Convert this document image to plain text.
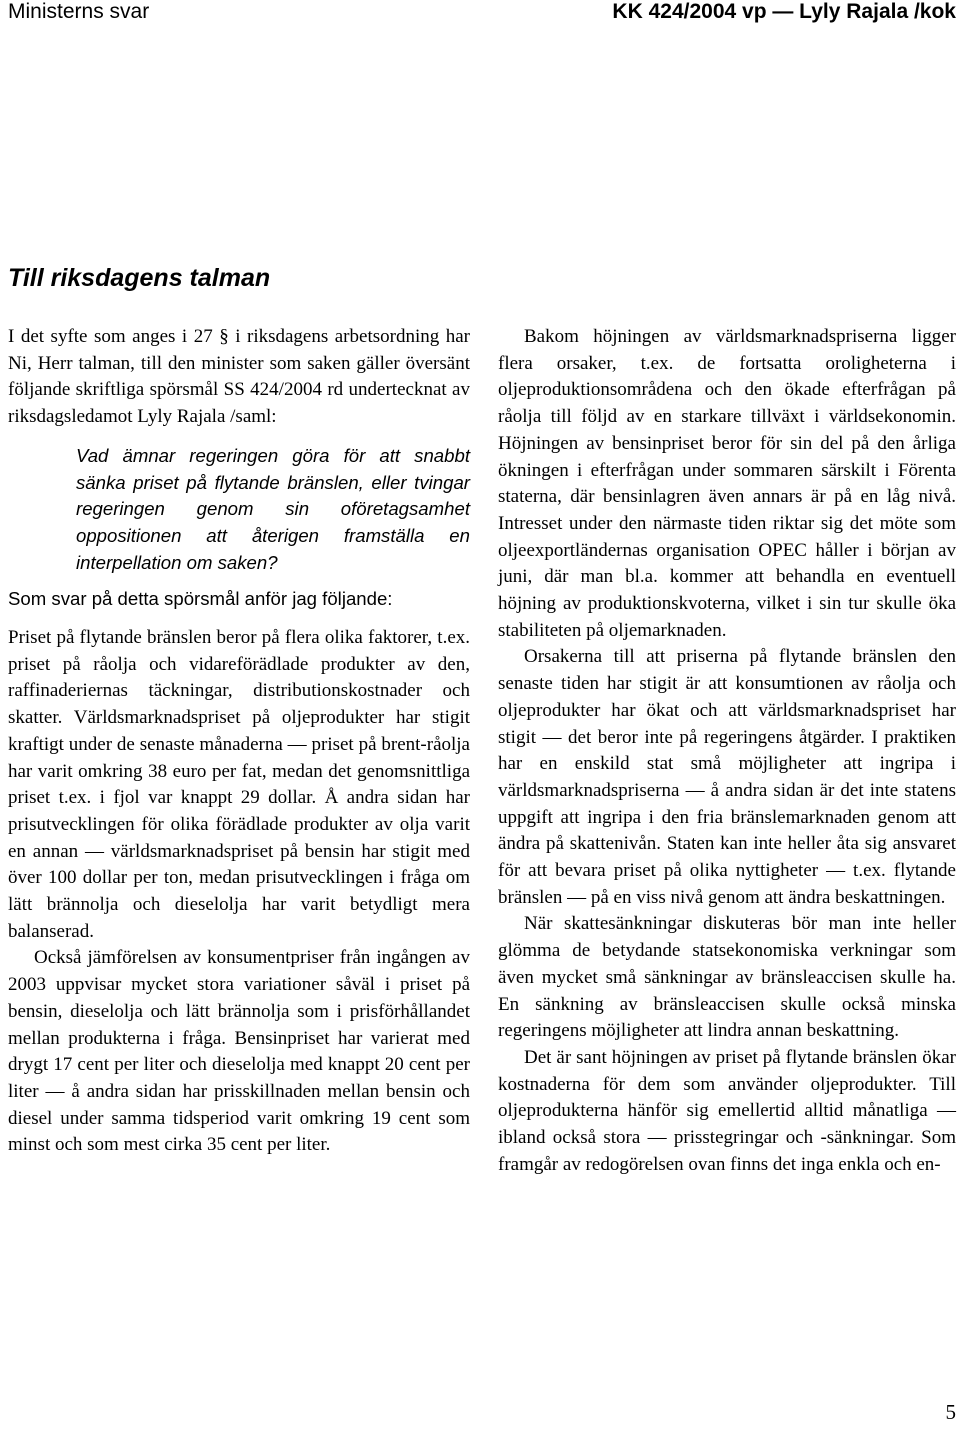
Ministerns svar	KK 424/2004 vp — Lyly Rajala /kok
Till riksdagens talman

I det syfte som anges i 27 § i riksdagens arbetsordning har Ni, Herr talman, till den minister som saken gäller översänt följande skriftliga spörsmål SS 424/2004 rd undertecknat av riksdagsledamot Lyly Rajala /saml:

Vad ämnar regeringen göra för att snabbt sänka priset på flytande bränslen, eller tvingar regeringen genom sin oföretagsamhet oppositionen att återigen framställa en interpellation om saken?

Som svar på detta spörsmål anför jag följande:

Priset på flytande bränslen beror på flera olika faktorer, t.ex. priset på råolja och vidareförädlade produkter av den, raffinaderiernas täckningar, distributionskostnader och skatter. Världsmarknadspriset på oljeprodukter har stigit kraftigt under de senaste månaderna — priset på brent-råolja har varit omkring 38 euro per fat, medan det genomsnittliga priset t.ex. i fjol var knappt 29 dollar. Å andra sidan har prisutvecklingen för olika förädlade produkter av olja varit en annan — världsmarknadspriset på bensin har stigit med över 100 dollar per ton, medan prisutvecklingen i fråga om lätt brännolja och dieselolja har varit betydligt mera balanserad.

Också jämförelsen av konsumentpriser från ingången av 2003 uppvisar mycket stora variationer såväl i priset på bensin, dieselolja och lätt brännolja som i prisförhållandet mellan produkterna i fråga. Bensinpriset har varierat med drygt 17 cent per liter och dieselolja med knappt 20 cent per liter — å andra sidan har prisskillnaden mellan bensin och diesel under samma tidsperiod varit omkring 19 cent som minst och som mest cirka 35 cent per liter.

Bakom höjningen av världsmarknadspriserna ligger flera orsaker, t.ex. de fortsatta oroligheterna i oljeproduktionsområdena och den ökade efterfrågan på råolja till följd av en starkare tillväxt i världsekonomin. Höjningen av bensinpriset beror för sin del på den årliga ökningen i efterfrågan under sommaren särskilt i Förenta staterna, där bensinlagren även annars är på en låg nivå. Intresset under den närmaste tiden riktar sig det möte som oljeexportländernas organisation OPEC håller i början av juni, där man bl.a. kommer att behandla en eventuell höjning av produktionskvoterna, vilket i sin tur skulle öka stabiliteten på oljemarknaden.

Orsakerna till att priserna på flytande bränslen den senaste tiden har stigit är att konsumtionen av råolja och oljeprodukter har ökat och att världsmarknadspriset har stigit — det beror inte på regeringens åtgärder. I praktiken har en enskild stat små möjligheter att ingripa i världsmarknadspriserna — å andra sidan är det inte statens uppgift att ingripa i den fria bränslemarknaden genom att ändra på skattenivån. Staten kan inte heller åta sig ansvaret för att bevara priset på olika nyttigheter — t.ex. flytande bränslen — på en viss nivå genom att ändra beskattningen.

När skattesänkningar diskuteras bör man inte heller glömma de betydande statsekonomiska verkningar som även mycket små sänkningar av bränsleaccisen skulle ha. En sänkning av bränsleaccisen skulle också minska regeringens möjligheter att lindra annan beskattning.

Det är sant höjningen av priset på flytande bränslen ökar kostnaderna för dem som använder oljeprodukter. Till oljeprodukterna hänför sig emellertid alltid månatliga — ibland också stora — prisstegringar och -sänkningar. Som framgår av redogörelsen ovan finns det inga enkla och en-

5
